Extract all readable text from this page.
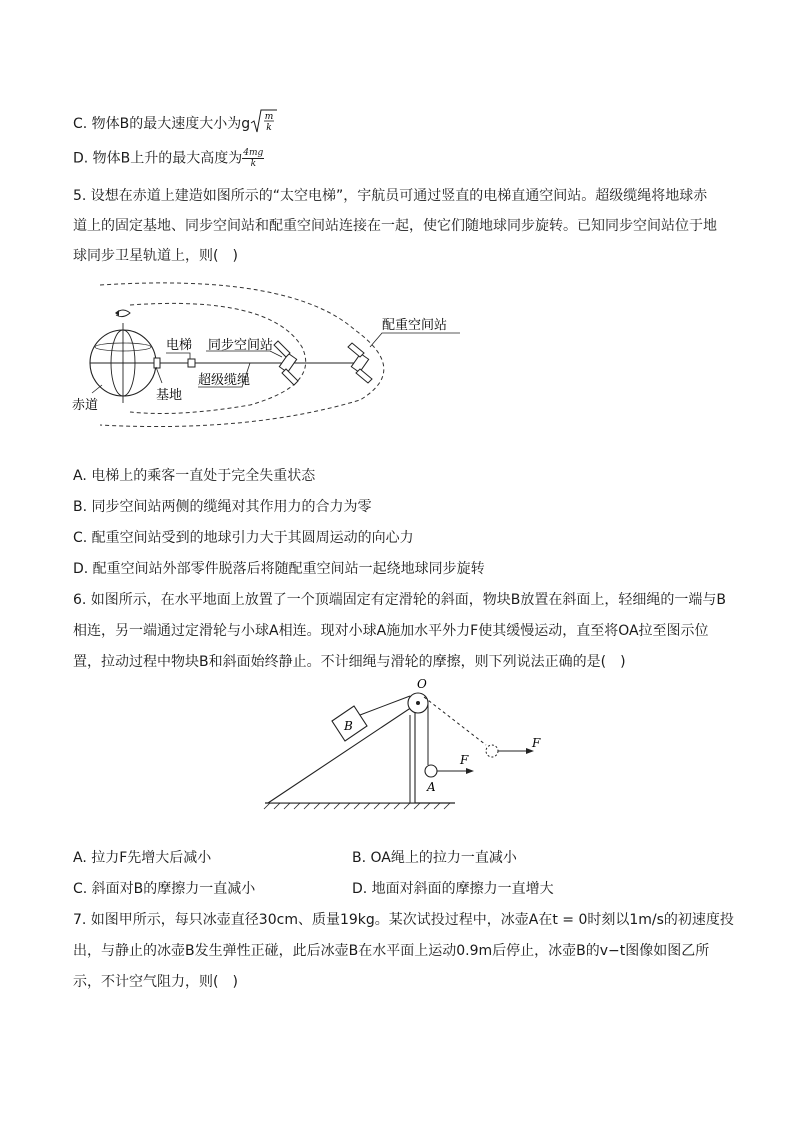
C. 物体B的最大速度大小为g m
k
D. 物体B上升的最大高度为 $\frac{4mg}{k}$
5. 设想在赤道上建造如图所示的“太空电梯”，宇航员可通过竖直的电梯直通空间站。超级缆绳将地球赤
道上的固定基地、同步空间站和配重空间站连接在一起，使它们随地球同步旋转。已知同步空间站位于地
球同步卫星轨道上，则(　)
电梯 同步空间站
配重空间站
超级缆绳
赤道
基地
A. 电梯上的乘客一直处于完全失重状态
B. 同步空间站两侧的缆绳对其作用力的合力为零
C. 配重空间站受到的地球引力大于其圆周运动的向心力
D. 配重空间站外部零件脱落后将随配重空间站一起绕地球同步旋转
6. 如图所示，在水平地面上放置了一个顶端固定有定滑轮的斜面，物块B放置在斜面上，轻细绳的一端与B
相连，另一端通过定滑轮与小球A相连。现对小球A施加水平外力F使其缓慢运动，直至将OA拉至图示位
置，拉动过程中物块B和斜面始终静止。不计细绳与滑轮的摩擦，则下列说法正确的是(　)
B
O
A
F
F
A. 拉力F先增大后减小	B. OA绳上的拉力一直减小
C. 斜面对B的摩擦力一直减小	D. 地面对斜面的摩擦力一直增大
7. 如图甲所示，每只冰壶直径30cm、质量19kg。某次试投过程中，冰壶A在t = 0时刻以1m/s的初速度投
出，与静止的冰壶B发生弹性正碰，此后冰壶B在水平面上运动0.9m后停止，冰壶B的v−t图像如图乙所
示，不计空气阻力，则(　)
